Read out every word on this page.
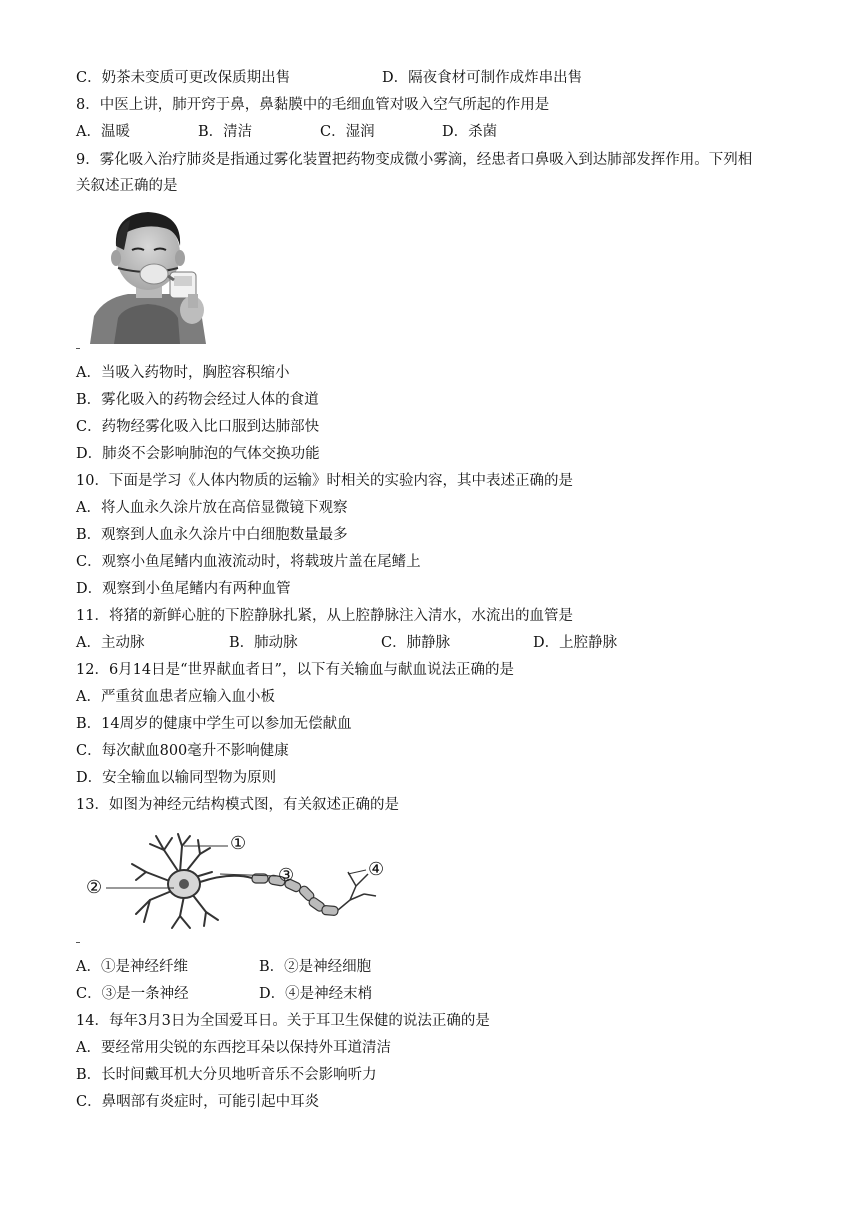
C．奶茶未变质可更改保质期出售	D．隔夜食材可制作成炸串出售
8．中医上讲，肺开窍于鼻，鼻黏膜中的毛细血管对吸入空气所起的作用是
A．温暖	B．清洁	C．湿润	D．杀菌
9．雾化吸入治疗肺炎是指通过雾化装置把药物变成微小雾滴，经患者口鼻吸入到达肺部发挥作用。下列相
关叙述正确的是
A．当吸入药物时，胸腔容积缩小
B．雾化吸入的药物会经过人体的食道
C．药物经雾化吸入比口服到达肺部快
D．肺炎不会影响肺泡的气体交换功能
10．下面是学习《人体内物质的运输》时相关的实验内容，其中表述正确的是
A．将人血永久涂片放在高倍显微镜下观察
B．观察到人血永久涂片中白细胞数量最多
C．观察小鱼尾鳍内血液流动时，将载玻片盖在尾鳍上
D．观察到小鱼尾鳍内有两种血管
11．将猪的新鲜心脏的下腔静脉扎紧，从上腔静脉注入清水，水流出的血管是
A．主动脉	B．肺动脉	C．肺静脉	D．上腔静脉
12．6月14日是“世界献血者日”，以下有关输血与献血说法正确的是
A．严重贫血患者应输入血小板
B．14周岁的健康中学生可以参加无偿献血
C．每次献血800毫升不影响健康
D．安全输血以输同型物为原则
13．如图为神经元结构模式图，有关叙述正确的是
①
②
③	④
A．①是神经纤维	B．②是神经细胞
C．③是一条神经	D．④是神经末梢
14．每年3月3日为全国爱耳日。关于耳卫生保健的说法正确的是
A．要经常用尖锐的东西挖耳朵以保持外耳道清洁
B．长时间戴耳机大分贝地听音乐不会影响听力
C．鼻咽部有炎症时，可能引起中耳炎
